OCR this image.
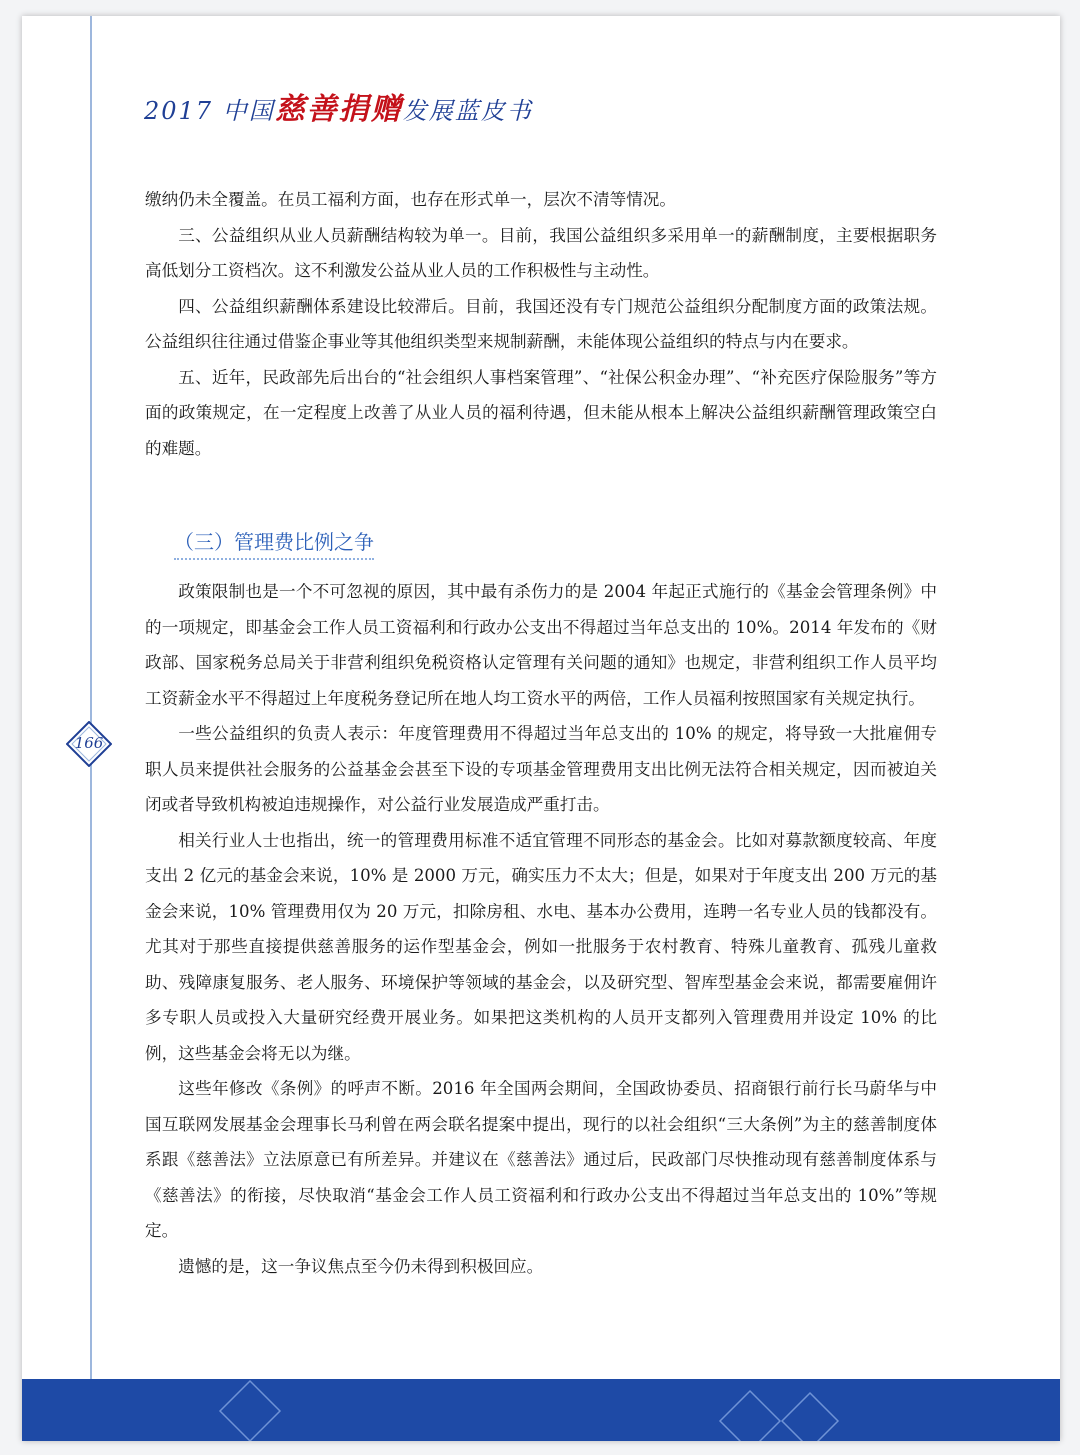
2017 中国慈善捐赠发展蓝皮书

缴纳仍未全覆盖。在员工福利方面，也存在形式单一，层次不清等情况。

三、公益组织从业人员薪酬结构较为单一。目前，我国公益组织多采用单一的薪酬制度，主要根据职务高低划分工资档次。这不利激发公益从业人员的工作积极性与主动性。

四、公益组织薪酬体系建设比较滞后。目前，我国还没有专门规范公益组织分配制度方面的政策法规。公益组织往往通过借鉴企事业等其他组织类型来规制薪酬，未能体现公益组织的特点与内在要求。

五、近年，民政部先后出台的“社会组织人事档案管理”、“社保公积金办理”、“补充医疗保险服务”等方面的政策规定，在一定程度上改善了从业人员的福利待遇，但未能从根本上解决公益组织薪酬管理政策空白的难题。

（三）管理费比例之争

政策限制也是一个不可忽视的原因，其中最有杀伤力的是 2004 年起正式施行的《基金会管理条例》中的一项规定，即基金会工作人员工资福利和行政办公支出不得超过当年总支出的 10%。2014 年发布的《财政部、国家税务总局关于非营利组织免税资格认定管理有关问题的通知》也规定，非营利组织工作人员平均工资薪金水平不得超过上年度税务登记所在地人均工资水平的两倍，工作人员福利按照国家有关规定执行。

一些公益组织的负责人表示：年度管理费用不得超过当年总支出的 10% 的规定，将导致一大批雇佣专职人员来提供社会服务的公益基金会甚至下设的专项基金管理费用支出比例无法符合相关规定，因而被迫关闭或者导致机构被迫违规操作，对公益行业发展造成严重打击。

相关行业人士也指出，统一的管理费用标准不适宜管理不同形态的基金会。比如对募款额度较高、年度支出 2 亿元的基金会来说，10% 是 2000 万元，确实压力不太大；但是，如果对于年度支出 200 万元的基金会来说，10% 管理费用仅为 20 万元，扣除房租、水电、基本办公费用，连聘一名专业人员的钱都没有。尤其对于那些直接提供慈善服务的运作型基金会，例如一批服务于农村教育、特殊儿童教育、孤残儿童救助、残障康复服务、老人服务、环境保护等领域的基金会，以及研究型、智库型基金会来说，都需要雇佣许多专职人员或投入大量研究经费开展业务。如果把这类机构的人员开支都列入管理费用并设定 10% 的比例，这些基金会将无以为继。

这些年修改《条例》的呼声不断。2016 年全国两会期间，全国政协委员、招商银行前行长马蔚华与中国互联网发展基金会理事长马利曾在两会联名提案中提出，现行的以社会组织“三大条例”为主的慈善制度体系跟《慈善法》立法原意已有所差异。并建议在《慈善法》通过后，民政部门尽快推动现有慈善制度体系与《慈善法》的衔接，尽快取消“基金会工作人员工资福利和行政办公支出不得超过当年总支出的 10%”等规定。

遗憾的是，这一争议焦点至今仍未得到积极回应。

166
